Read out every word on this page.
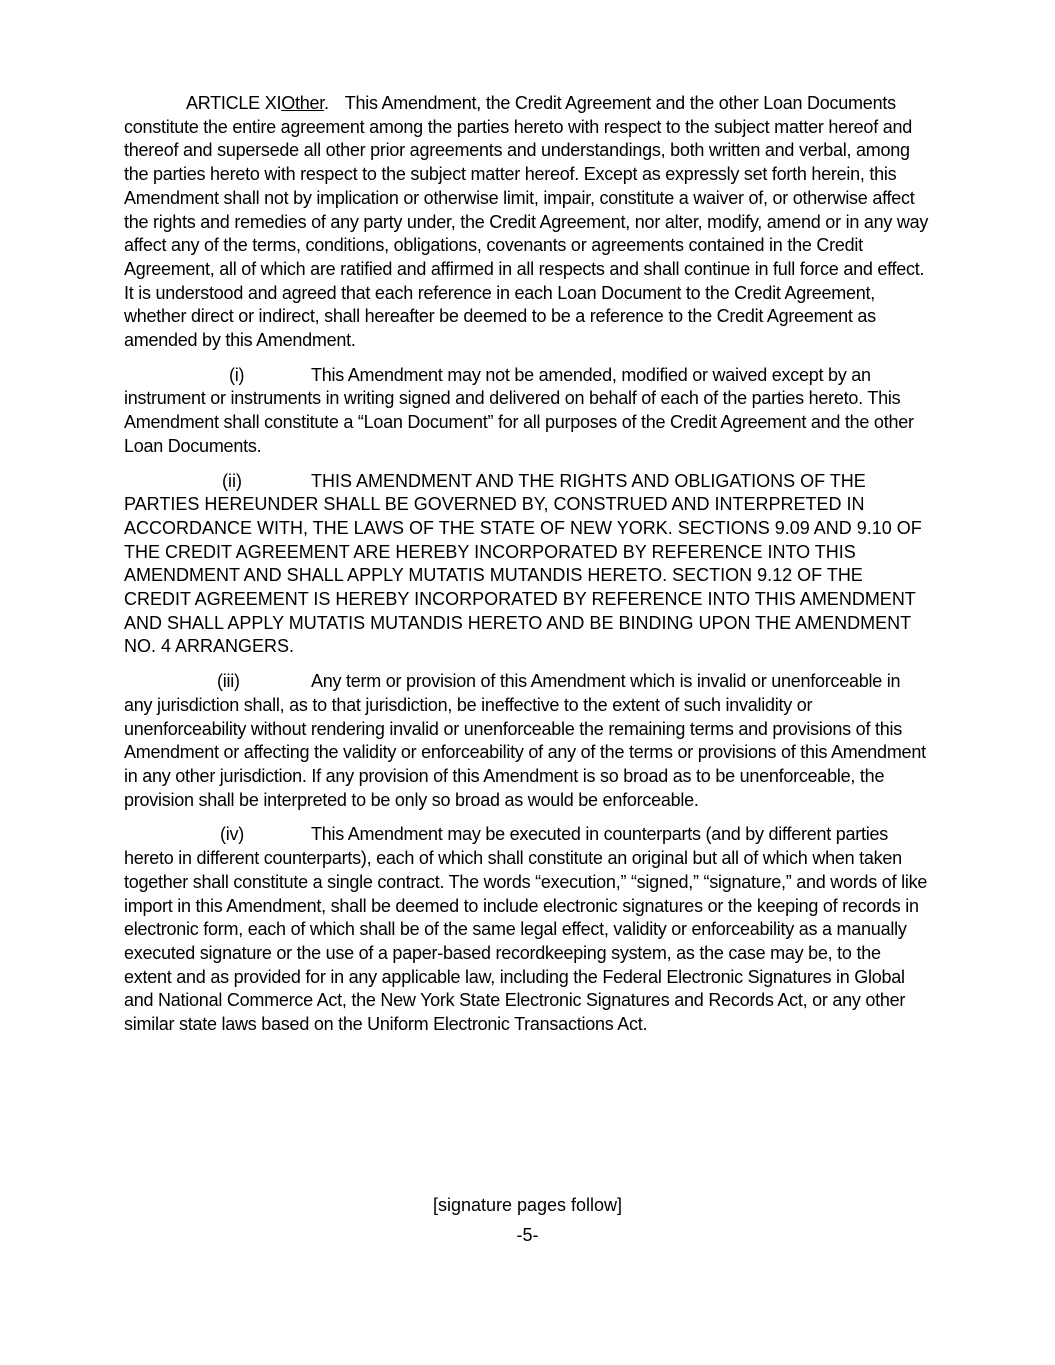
ARTICLE XIOther. This Amendment, the Credit Agreement and the other Loan Documents constitute the entire agreement among the parties hereto with respect to the subject matter hereof and thereof and supersede all other prior agreements and understandings, both written and verbal, among the parties hereto with respect to the subject matter hereof. Except as expressly set forth herein, this Amendment shall not by implication or otherwise limit, impair, constitute a waiver of, or otherwise affect the rights and remedies of any party under, the Credit Agreement, nor alter, modify, amend or in any way affect any of the terms, conditions, obligations, covenants or agreements contained in the Credit Agreement, all of which are ratified and affirmed in all respects and shall continue in full force and effect. It is understood and agreed that each reference in each Loan Document to the Credit Agreement, whether direct or indirect, shall hereafter be deemed to be a reference to the Credit Agreement as amended by this Amendment.

(i)	This Amendment may not be amended, modified or waived except by an instrument or instruments in writing signed and delivered on behalf of each of the parties hereto. This Amendment shall constitute a “Loan Document” for all purposes of the Credit Agreement and the other Loan Documents.

(ii)	THIS AMENDMENT AND THE RIGHTS AND OBLIGATIONS OF THE PARTIES HEREUNDER SHALL BE GOVERNED BY, CONSTRUED AND INTERPRETED IN ACCORDANCE WITH, THE LAWS OF THE STATE OF NEW YORK. SECTIONS 9.09 AND 9.10 OF THE CREDIT AGREEMENT ARE HEREBY INCORPORATED BY REFERENCE INTO THIS AMENDMENT AND SHALL APPLY MUTATIS MUTANDIS HERETO. SECTION 9.12 OF THE CREDIT AGREEMENT IS HEREBY INCORPORATED BY REFERENCE INTO THIS AMENDMENT AND SHALL APPLY MUTATIS MUTANDIS HERETO AND BE BINDING UPON THE AMENDMENT NO. 4 ARRANGERS.

(iii)	Any term or provision of this Amendment which is invalid or unenforceable in any jurisdiction shall, as to that jurisdiction, be ineffective to the extent of such invalidity or unenforceability without rendering invalid or unenforceable the remaining terms and provisions of this Amendment or affecting the validity or enforceability of any of the terms or provisions of this Amendment in any other jurisdiction. If any provision of this Amendment is so broad as to be unenforceable, the provision shall be interpreted to be only so broad as would be enforceable.

(iv)	This Amendment may be executed in counterparts (and by different parties hereto in different counterparts), each of which shall constitute an original but all of which when taken together shall constitute a single contract. The words “execution,” “signed,” “signature,” and words of like import in this Amendment, shall be deemed to include electronic signatures or the keeping of records in electronic form, each of which shall be of the same legal effect, validity or enforceability as a manually executed signature or the use of a paper-based recordkeeping system, as the case may be, to the extent and as provided for in any applicable law, including the Federal Electronic Signatures in Global and National Commerce Act, the New York State Electronic Signatures and Records Act, or any other similar state laws based on the Uniform Electronic Transactions Act.

[signature pages follow]
-5-
